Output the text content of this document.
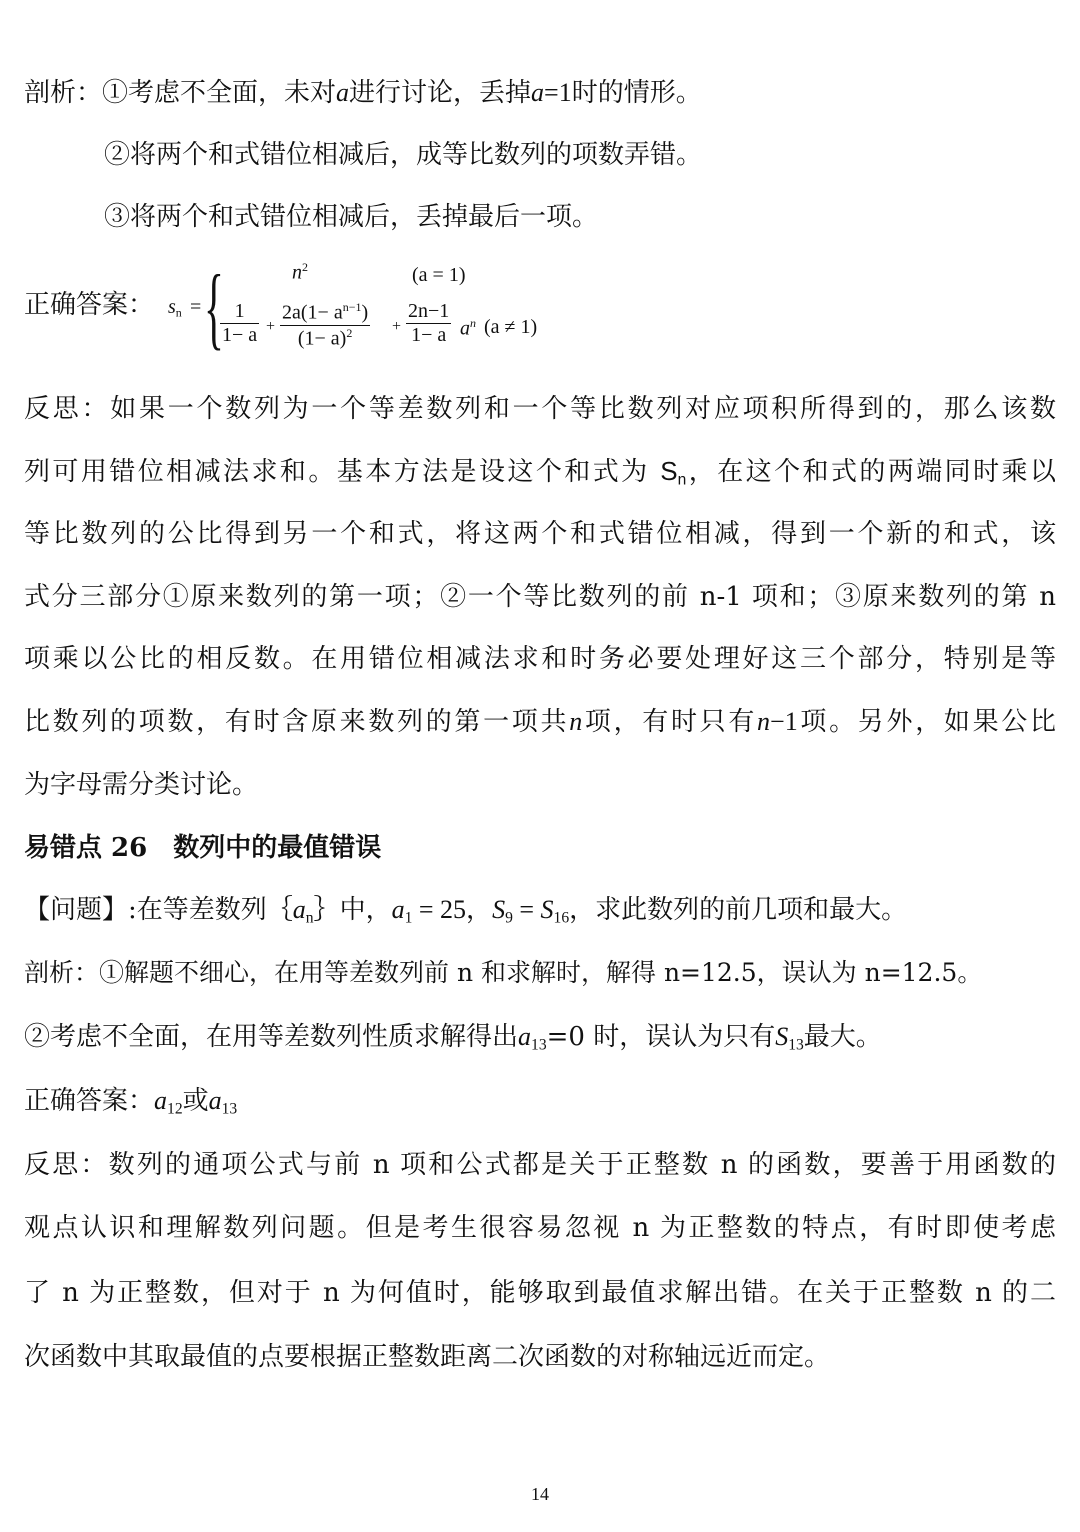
剖析：①考虑不全面，未对a进行讨论，丢掉a=1时的情形。
②将两个和式错位相减后，成等比数列的项数弄错。
③将两个和式错位相减后，丢掉最后一项。
正确答案： $s_n$ = {	$n^2$	(a = 1)
$\frac{1}{1- a} + \frac{2a(1- a^{n-1})}{(1- a)^2} + \frac{2n-1}{1- a} a^n$ (a ≠ 1)
反思：如果一个数列为一个等差数列和一个等比数列对应项积所得到的，那么该数
列可用错位相减法求和。基本方法是设这个和式为 $S_n$，在这个和式的两端同时乘以
等比数列的公比得到另一个和式，将这两个和式错位相减，得到一个新的和式，该
式分三部分①原来数列的第一项；②一个等比数列的前 n-1 项和；③原来数列的第 n
项乘以公比的相反数。在用错位相减法求和时务必要处理好这三个部分，特别是等
比数列的项数，有时含原来数列的第一项共n项，有时只有n−1项。另外，如果公比
为字母需分类讨论。
易错点 26　数列中的最值错误
【问题】:在等差数列$\{a_n\}$中，$a_1 = 25$，$S_9 = S_{16}$，求此数列的前几项和最大。
剖析：①解题不细心，在用等差数列前 n 和求解时，解得 n=12.5，误认为 n=12.5。
②考虑不全面，在用等差数列性质求解得出$a_{13}=0$ 时，误认为只有$S_{13}$最大。
正确答案：$a_{12}$或$a_{13}$
反思：数列的通项公式与前 n 项和公式都是关于正整数 n 的函数，要善于用函数的
观点认识和理解数列问题。但是考生很容易忽视 n 为正整数的特点，有时即使考虑
了 n 为正整数，但对于 n 为何值时，能够取到最值求解出错。在关于正整数 n 的二
次函数中其取最值的点要根据正整数距离二次函数的对称轴远近而定。
14
